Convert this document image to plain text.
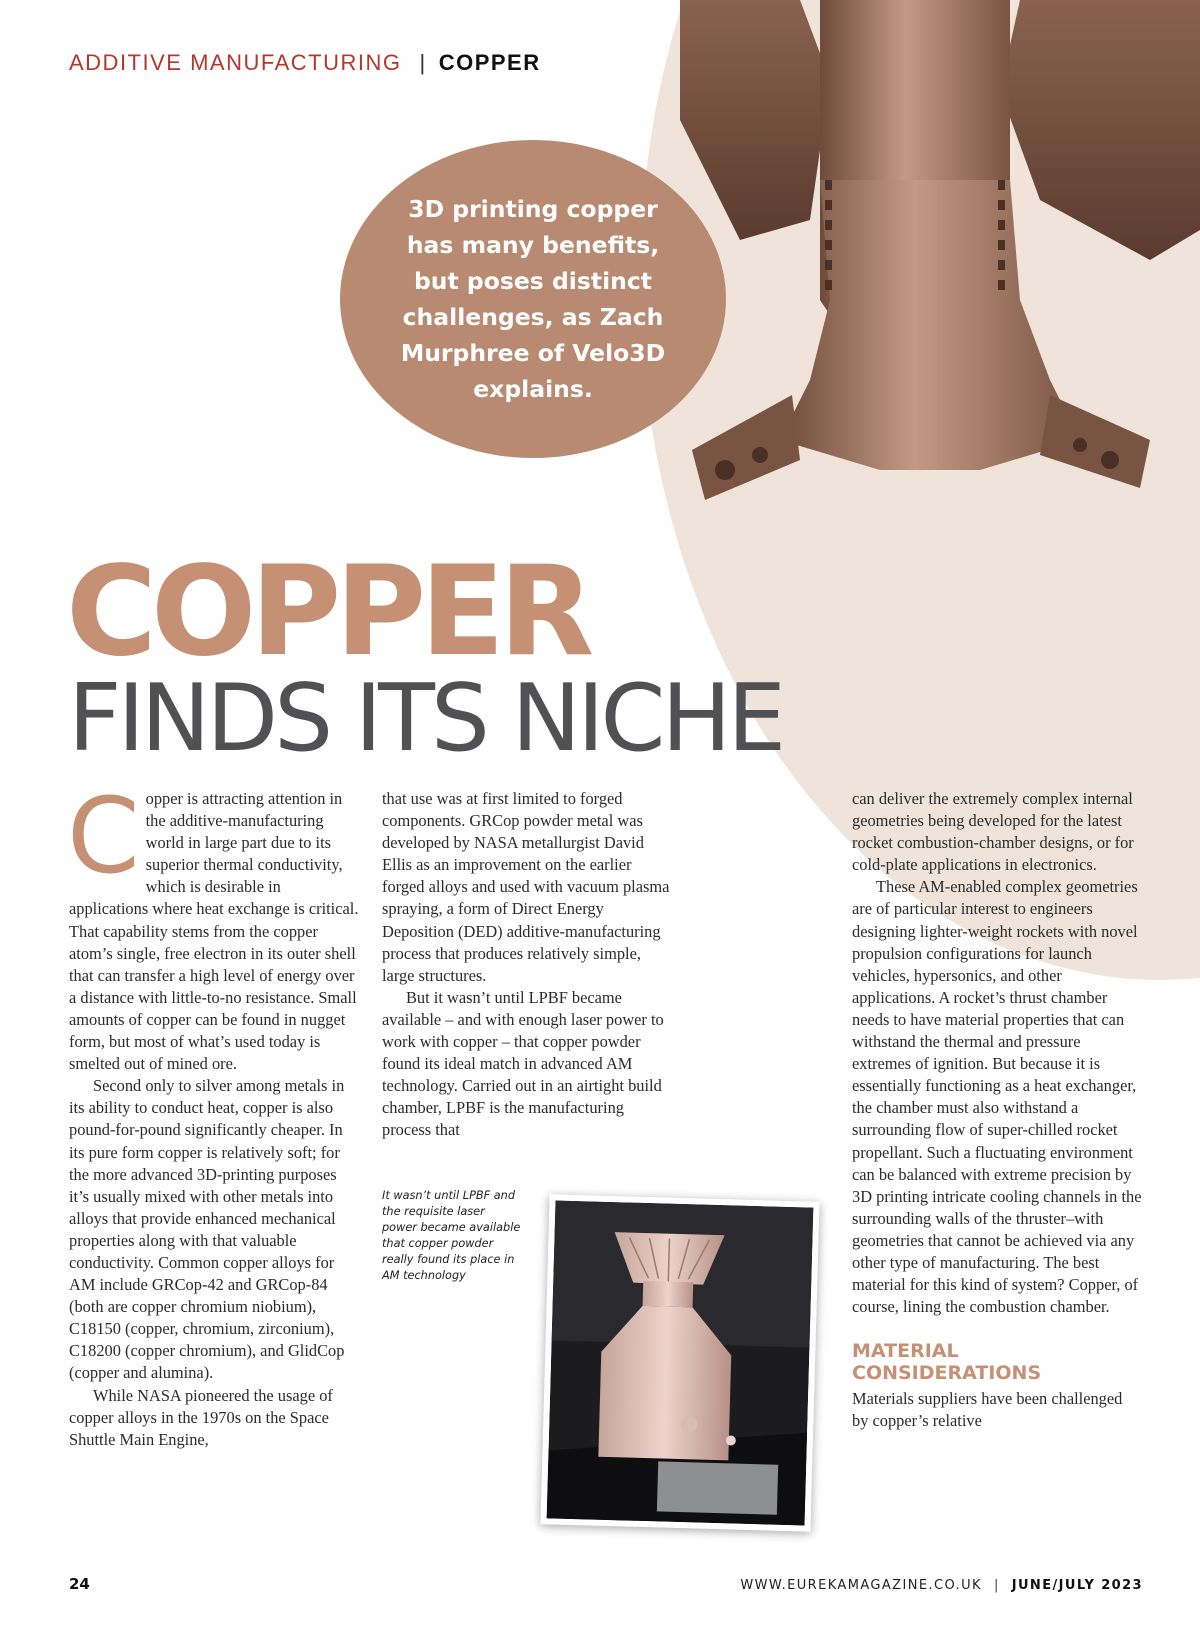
ADDITIVE MANUFACTURING | COPPER

3D printing copper has many benefits, but poses distinct challenges, as Zach Murphree of Velo3D explains.

COPPER
FINDS ITS NICHE
C opper is attracting attention in the additive-manufacturing world in large part due to its superior thermal conductivity, which is desirable in applications where heat exchange is critical. That capability stems from the copper atom’s single, free electron in its outer shell that can transfer a high level of energy over a distance with little-to-no resistance. Small amounts of copper can be found in nugget form, but most of what’s used today is smelted out of mined ore.

Second only to silver among metals in its ability to conduct heat, copper is also pound-for-pound significantly cheaper. In its pure form copper is relatively soft; for the more advanced 3D-printing purposes it’s usually mixed with other metals into alloys that provide enhanced mechanical properties along with that valuable conductivity. Common copper alloys for AM include GRCop-42 and GRCop-84 (both are copper chromium niobium), C18150 (copper, chromium, zirconium), C18200 (copper chromium), and GlidCop (copper and alumina).

While NASA pioneered the usage of copper alloys in the 1970s on the Space Shuttle Main Engine,

that use was at first limited to forged components. GRCop powder metal was developed by NASA metallurgist David Ellis as an improvement on the earlier forged alloys and used with vacuum plasma spraying, a form of Direct Energy Deposition (DED) additive-manufacturing process that produces relatively simple, large structures.

But it wasn’t until LPBF became available – and with enough laser power to work with copper – that copper powder found its ideal match in advanced AM technology. Carried out in an airtight build chamber, LPBF is the manufacturing process that

can deliver the extremely complex internal geometries being developed for the latest rocket combustion-chamber designs, or for cold-plate applications in electronics.

These AM-enabled complex geometries are of particular interest to engineers designing lighter-weight rockets with novel propulsion configurations for launch vehicles, hypersonics, and other applications. A rocket’s thrust chamber needs to have material properties that can withstand the thermal and pressure extremes of ignition. But because it is essentially functioning as a heat exchanger, the chamber must also withstand a surrounding flow of super-chilled rocket propellant. Such a fluctuating environment can be balanced with extreme precision by 3D printing intricate cooling channels in the surrounding walls of the thruster–with geometries that cannot be achieved via any other type of manufacturing. The best material for this kind of system? Copper, of course, lining the combustion chamber.

MATERIAL CONSIDERATIONS

Materials suppliers have been challenged by copper’s relative

It wasn’t until LPBF and the requisite laser power became available that copper powder really found its place in AM technology
24	WWW.EUREKAMAGAZINE.CO.UK | JUNE/JULY 2023
